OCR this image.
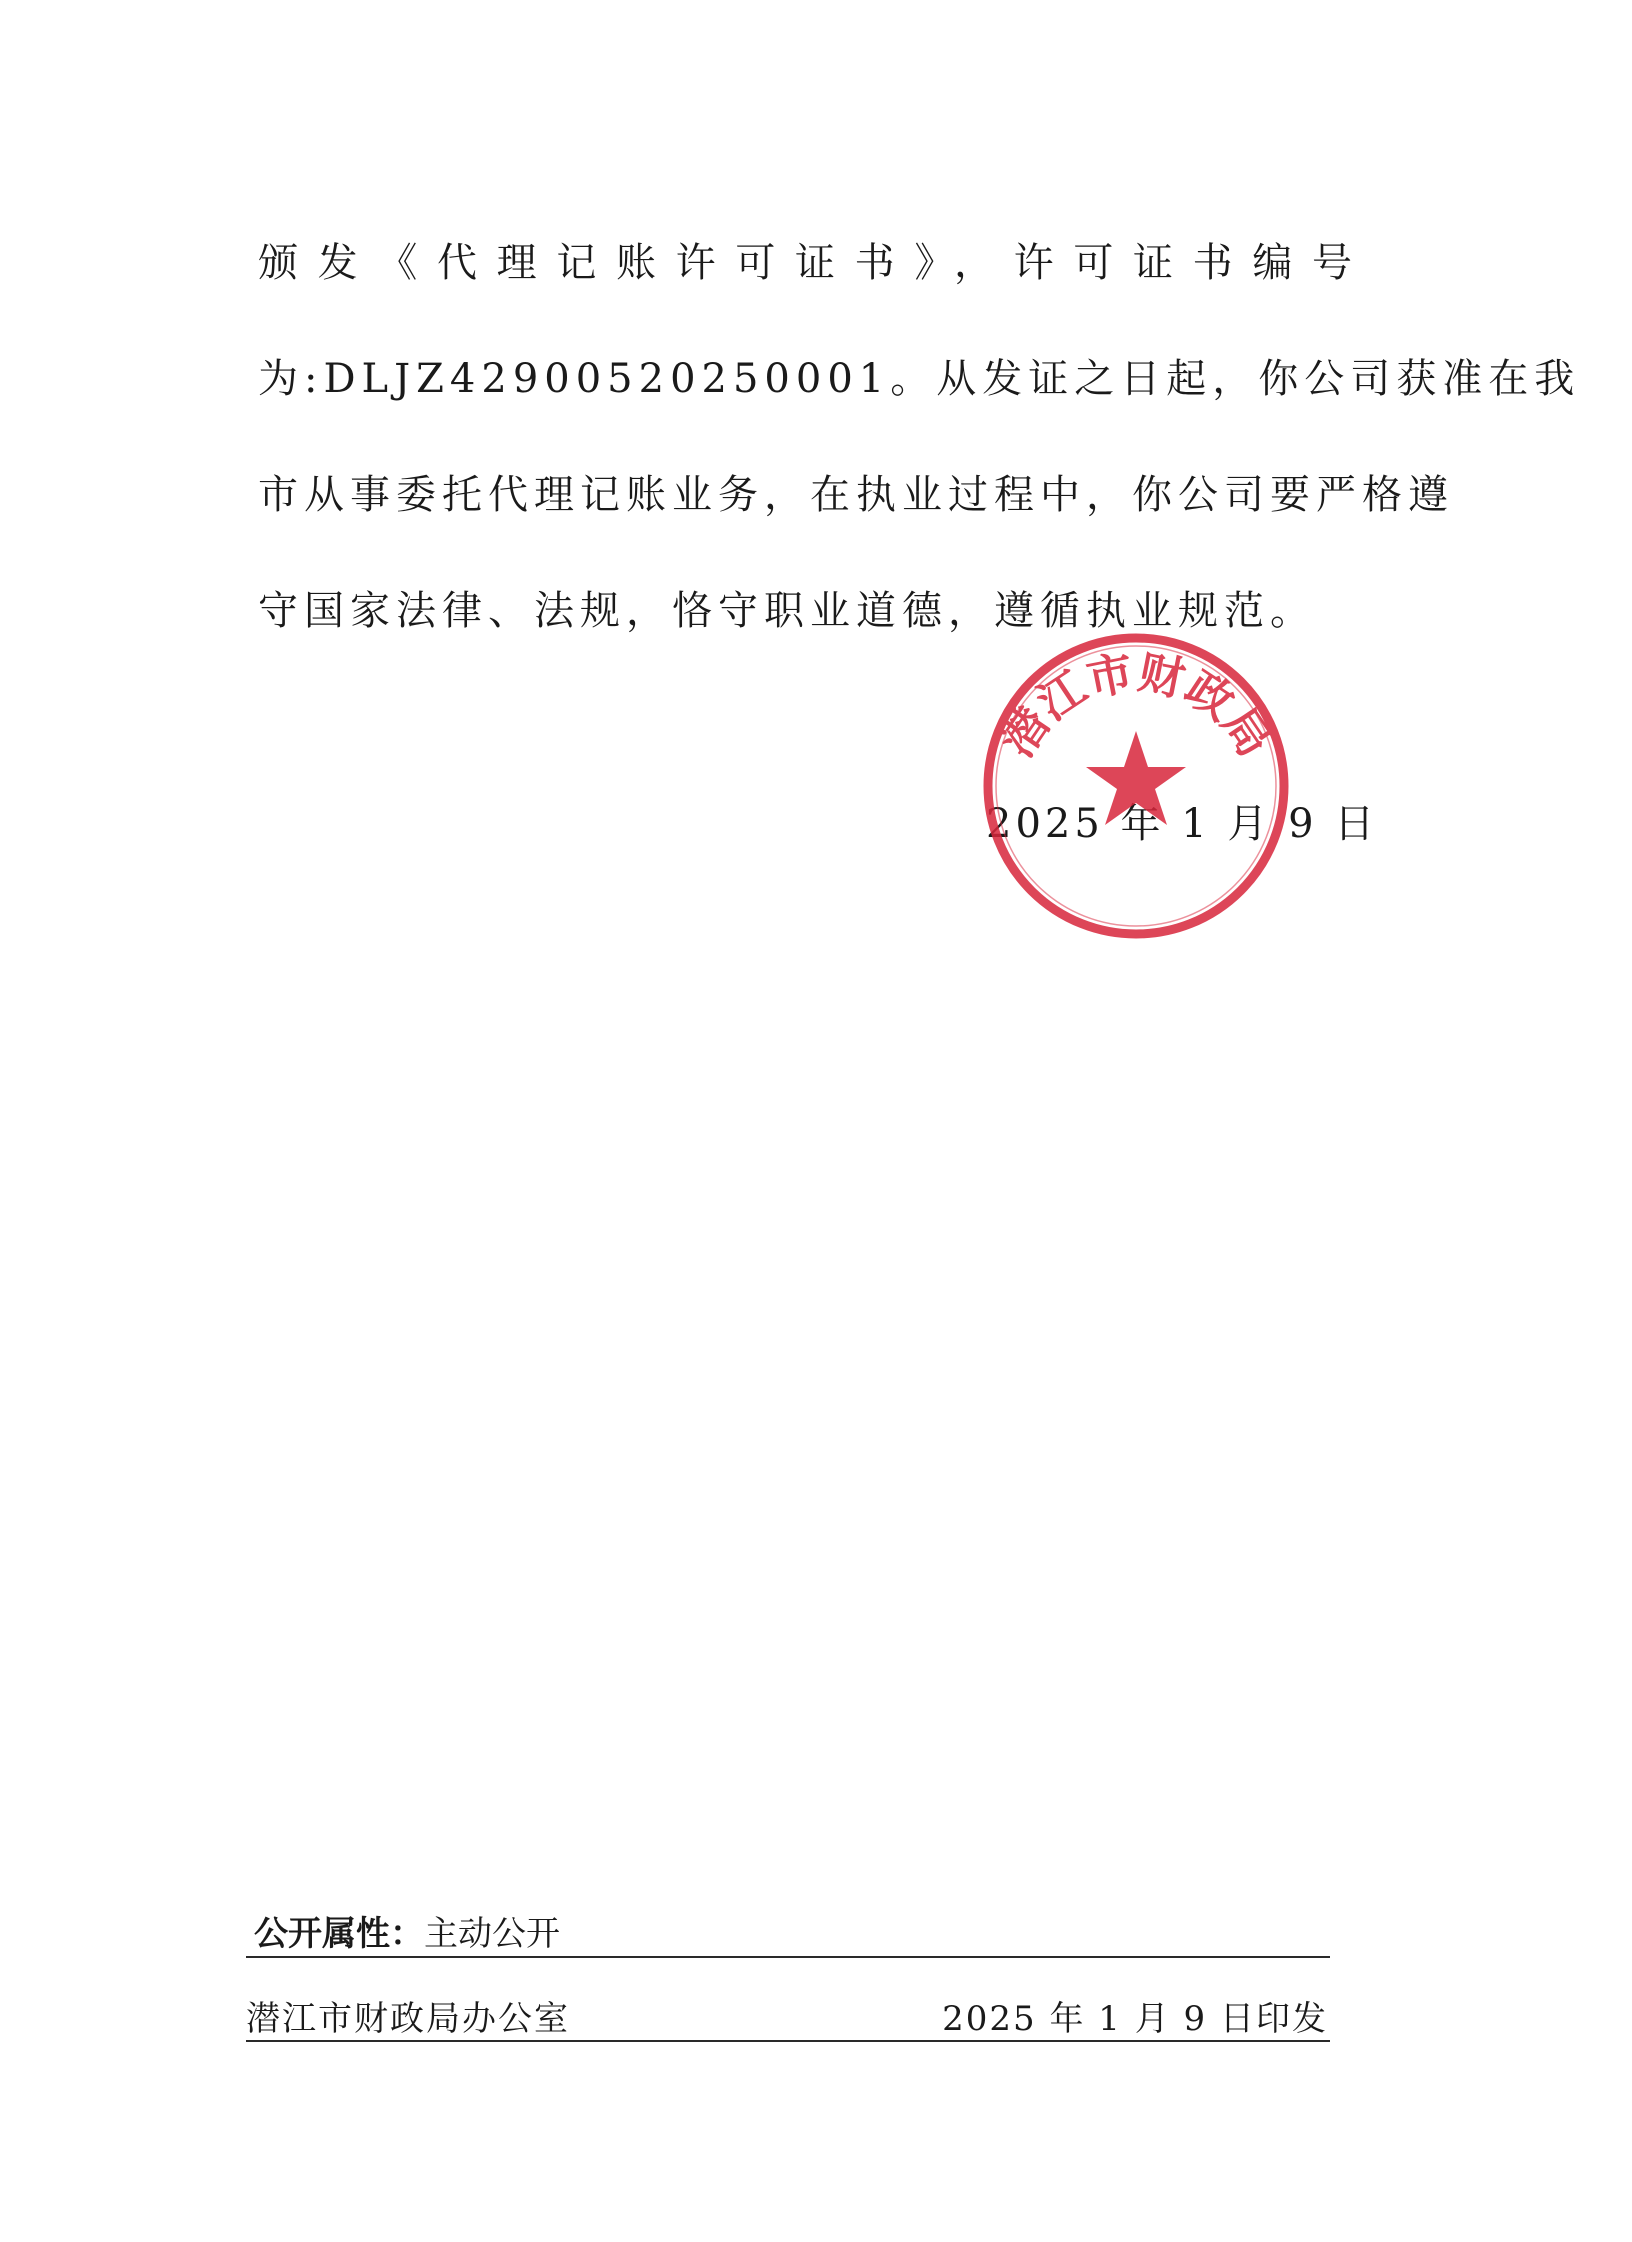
颁发《代理记账许可证书》，许可证书编号
为:DLJZ42900520250001。从发证之日起，你公司获准在我
市从事委托代理记账业务，在执业过程中，你公司要严格遵
守国家法律、法规，恪守职业道德，遵循执业规范。
2025 年 1 月 9 日
潜江市财政局
公开属性：主动公开
潜江市财政局办公室	2025 年 1 月 9 日印发
